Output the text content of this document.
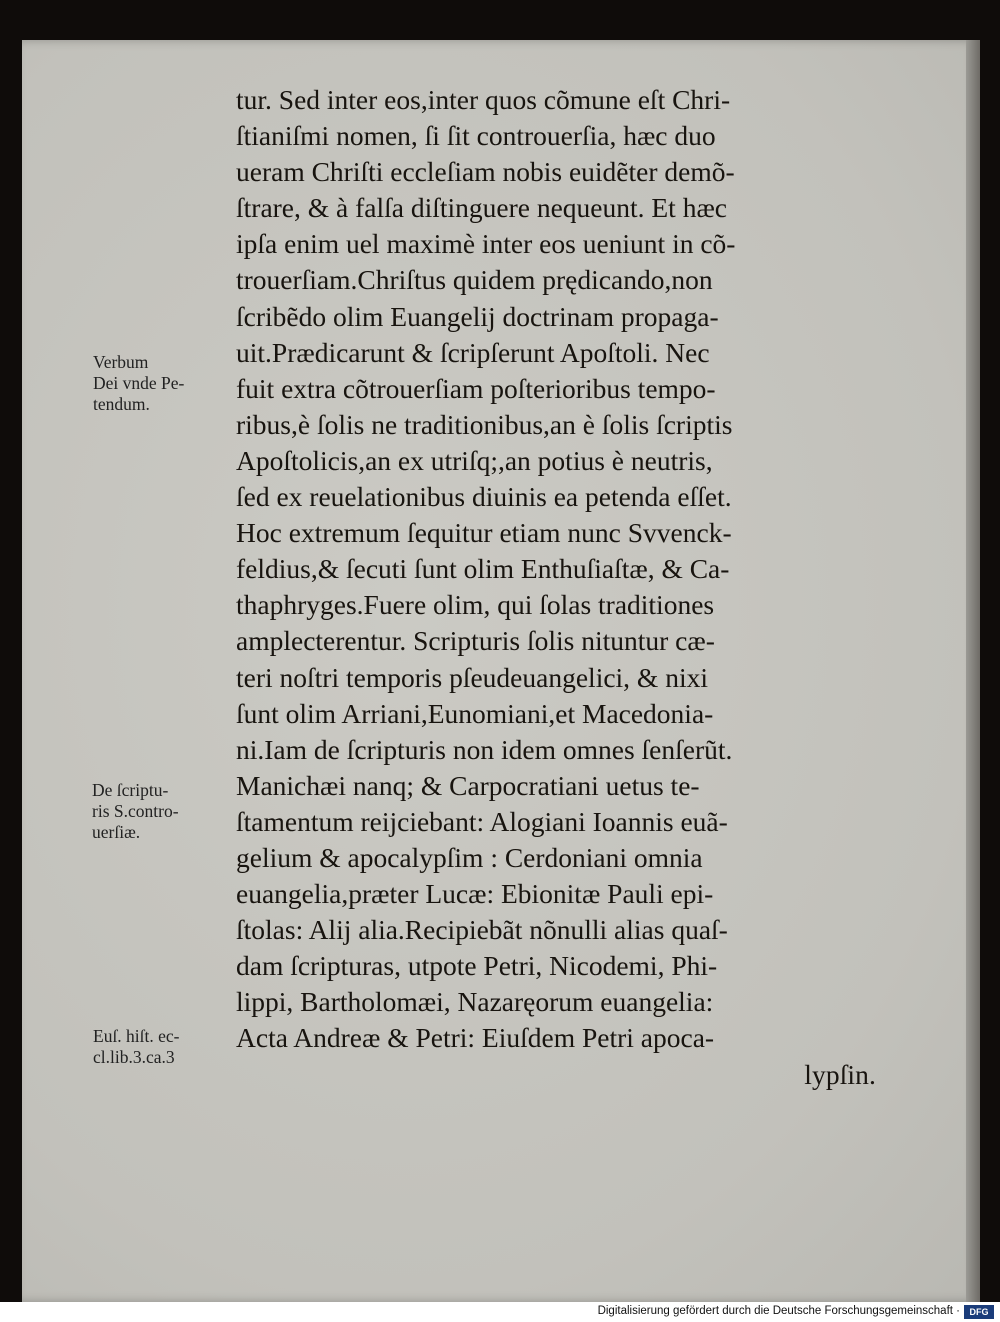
tur. Sed inter eos,inter quos cõmune eſt Chri-
ſtianiſmi nomen, ſi ſit controuerſia, hæc duo
ueram Chriſti eccleſiam nobis euidẽter demõ-
ſtrare, & à falſa diſtinguere nequeunt. Et hæc
ipſa enim uel maximè inter eos ueniunt in cõ-
trouerſiam.Chriſtus quidem prędicando,non
ſcribẽdo olim Euangelij doctrinam propaga-
uit.Prædicarunt & ſcripſerunt Apoſtoli. Nec
fuit extra cõtrouerſiam poſterioribus tempo-
ribus,è ſolis ne traditionibus,an è ſolis ſcriptis
Apoſtolicis,an ex utriſq;,an potius è neutris,
ſed ex reuelationibus diuinis ea petenda eſſet.
Hoc extremum ſequitur etiam nunc Svvenck-
feldius,& ſecuti ſunt olim Enthuſiaſtæ, & Ca-
thaphryges.Fuere olim, qui ſolas traditiones
amplecterentur. Scripturis ſolis nituntur cæ-
teri noſtri temporis pſeudeuangelici, & nixi
ſunt olim Arriani,Eunomiani,et Macedonia-
ni.Iam de ſcripturis non idem omnes ſenſerũt.
Manichæi nanq; & Carpocratiani uetus te-
ſtamentum reijciebant: Alogiani Ioannis euã-
gelium & apocalypſim : Cerdoniani omnia
euangelia,præter Lucæ: Ebionitæ Pauli epi-
ſtolas: Alij alia.Recipiebãt nõnulli alias quaſ-
dam ſcripturas, utpote Petri, Nicodemi, Phi-
lippi, Bartholomæi, Nazaręorum euangelia:
Acta Andreæ & Petri: Eiuſdem Petri apoca-
lypſin.
Verbum
Dei vnde Pe-
tendum.
De ſcriptu-
ris S.contro-
uerſiæ.
Euſ. hiſt. ec-
cl.lib.3.ca.3
Digitalisierung gefördert durch die Deutsche Forschungsgemeinschaft ·	DFG
